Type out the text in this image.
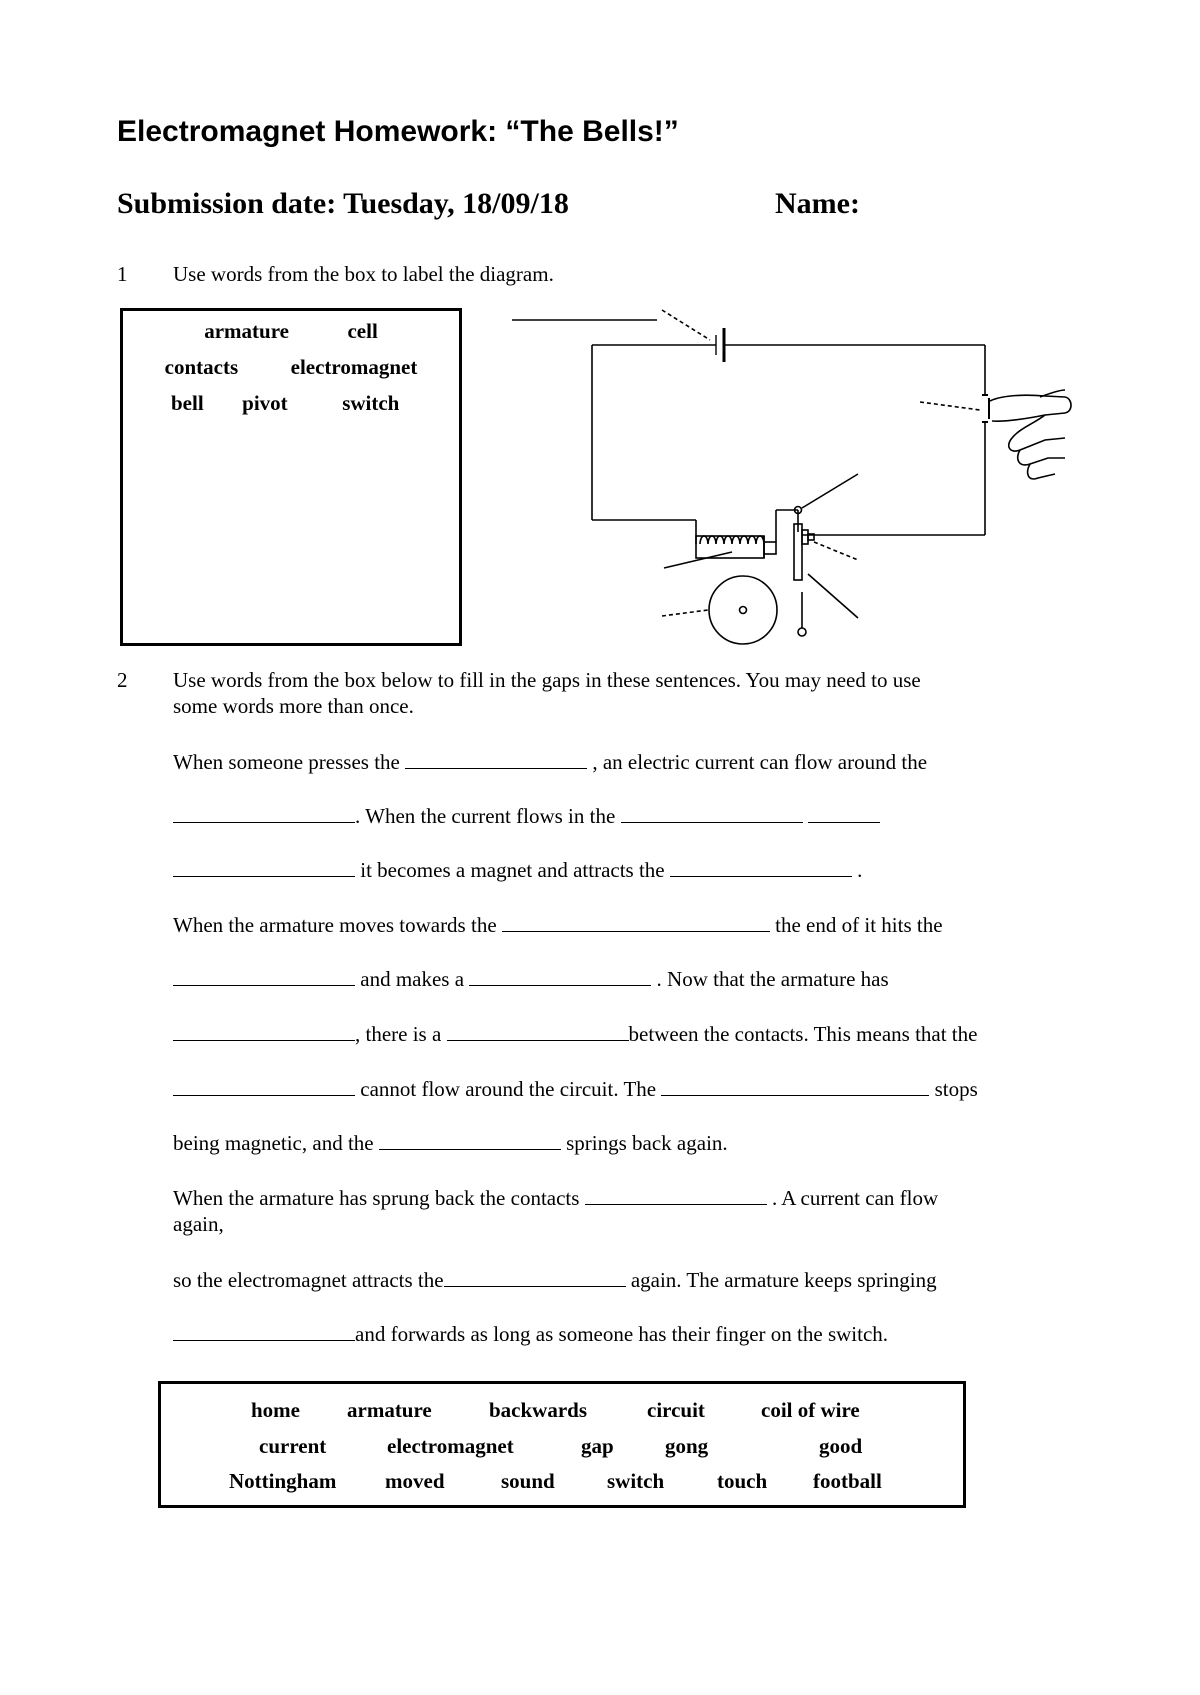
Electromagnet Homework: “The Bells!”
Submission date: Tuesday, 18/09/18	Name:
1 Use words from the box to label the diagram.
armature	cell
contacts	electromagnet
bell pivot	switch
2 Use words from the box below to fill in the gaps in these sentences. You may need to use
some words more than once.
When someone presses the	, an electric current can flow around the
. When the current flows in the
it becomes a magnet and attracts the	.
When the armature moves towards the	the end of it hits the
and makes a	. Now that the armature has
, there is a	between the contacts. This means that the
cannot flow around the circuit. The	stops
being magnetic, and the	springs back again.
When the armature has sprung back the contacts	. A current can flow
again,
so the electromagnet attracts the	again. The armature keeps springing
and forwards as long as someone has their finger on the switch.
home armature	backwards	circuit	coil of wire
current	electromagnet	gap gong	good
Nottingham moved	sound switch	touch football
